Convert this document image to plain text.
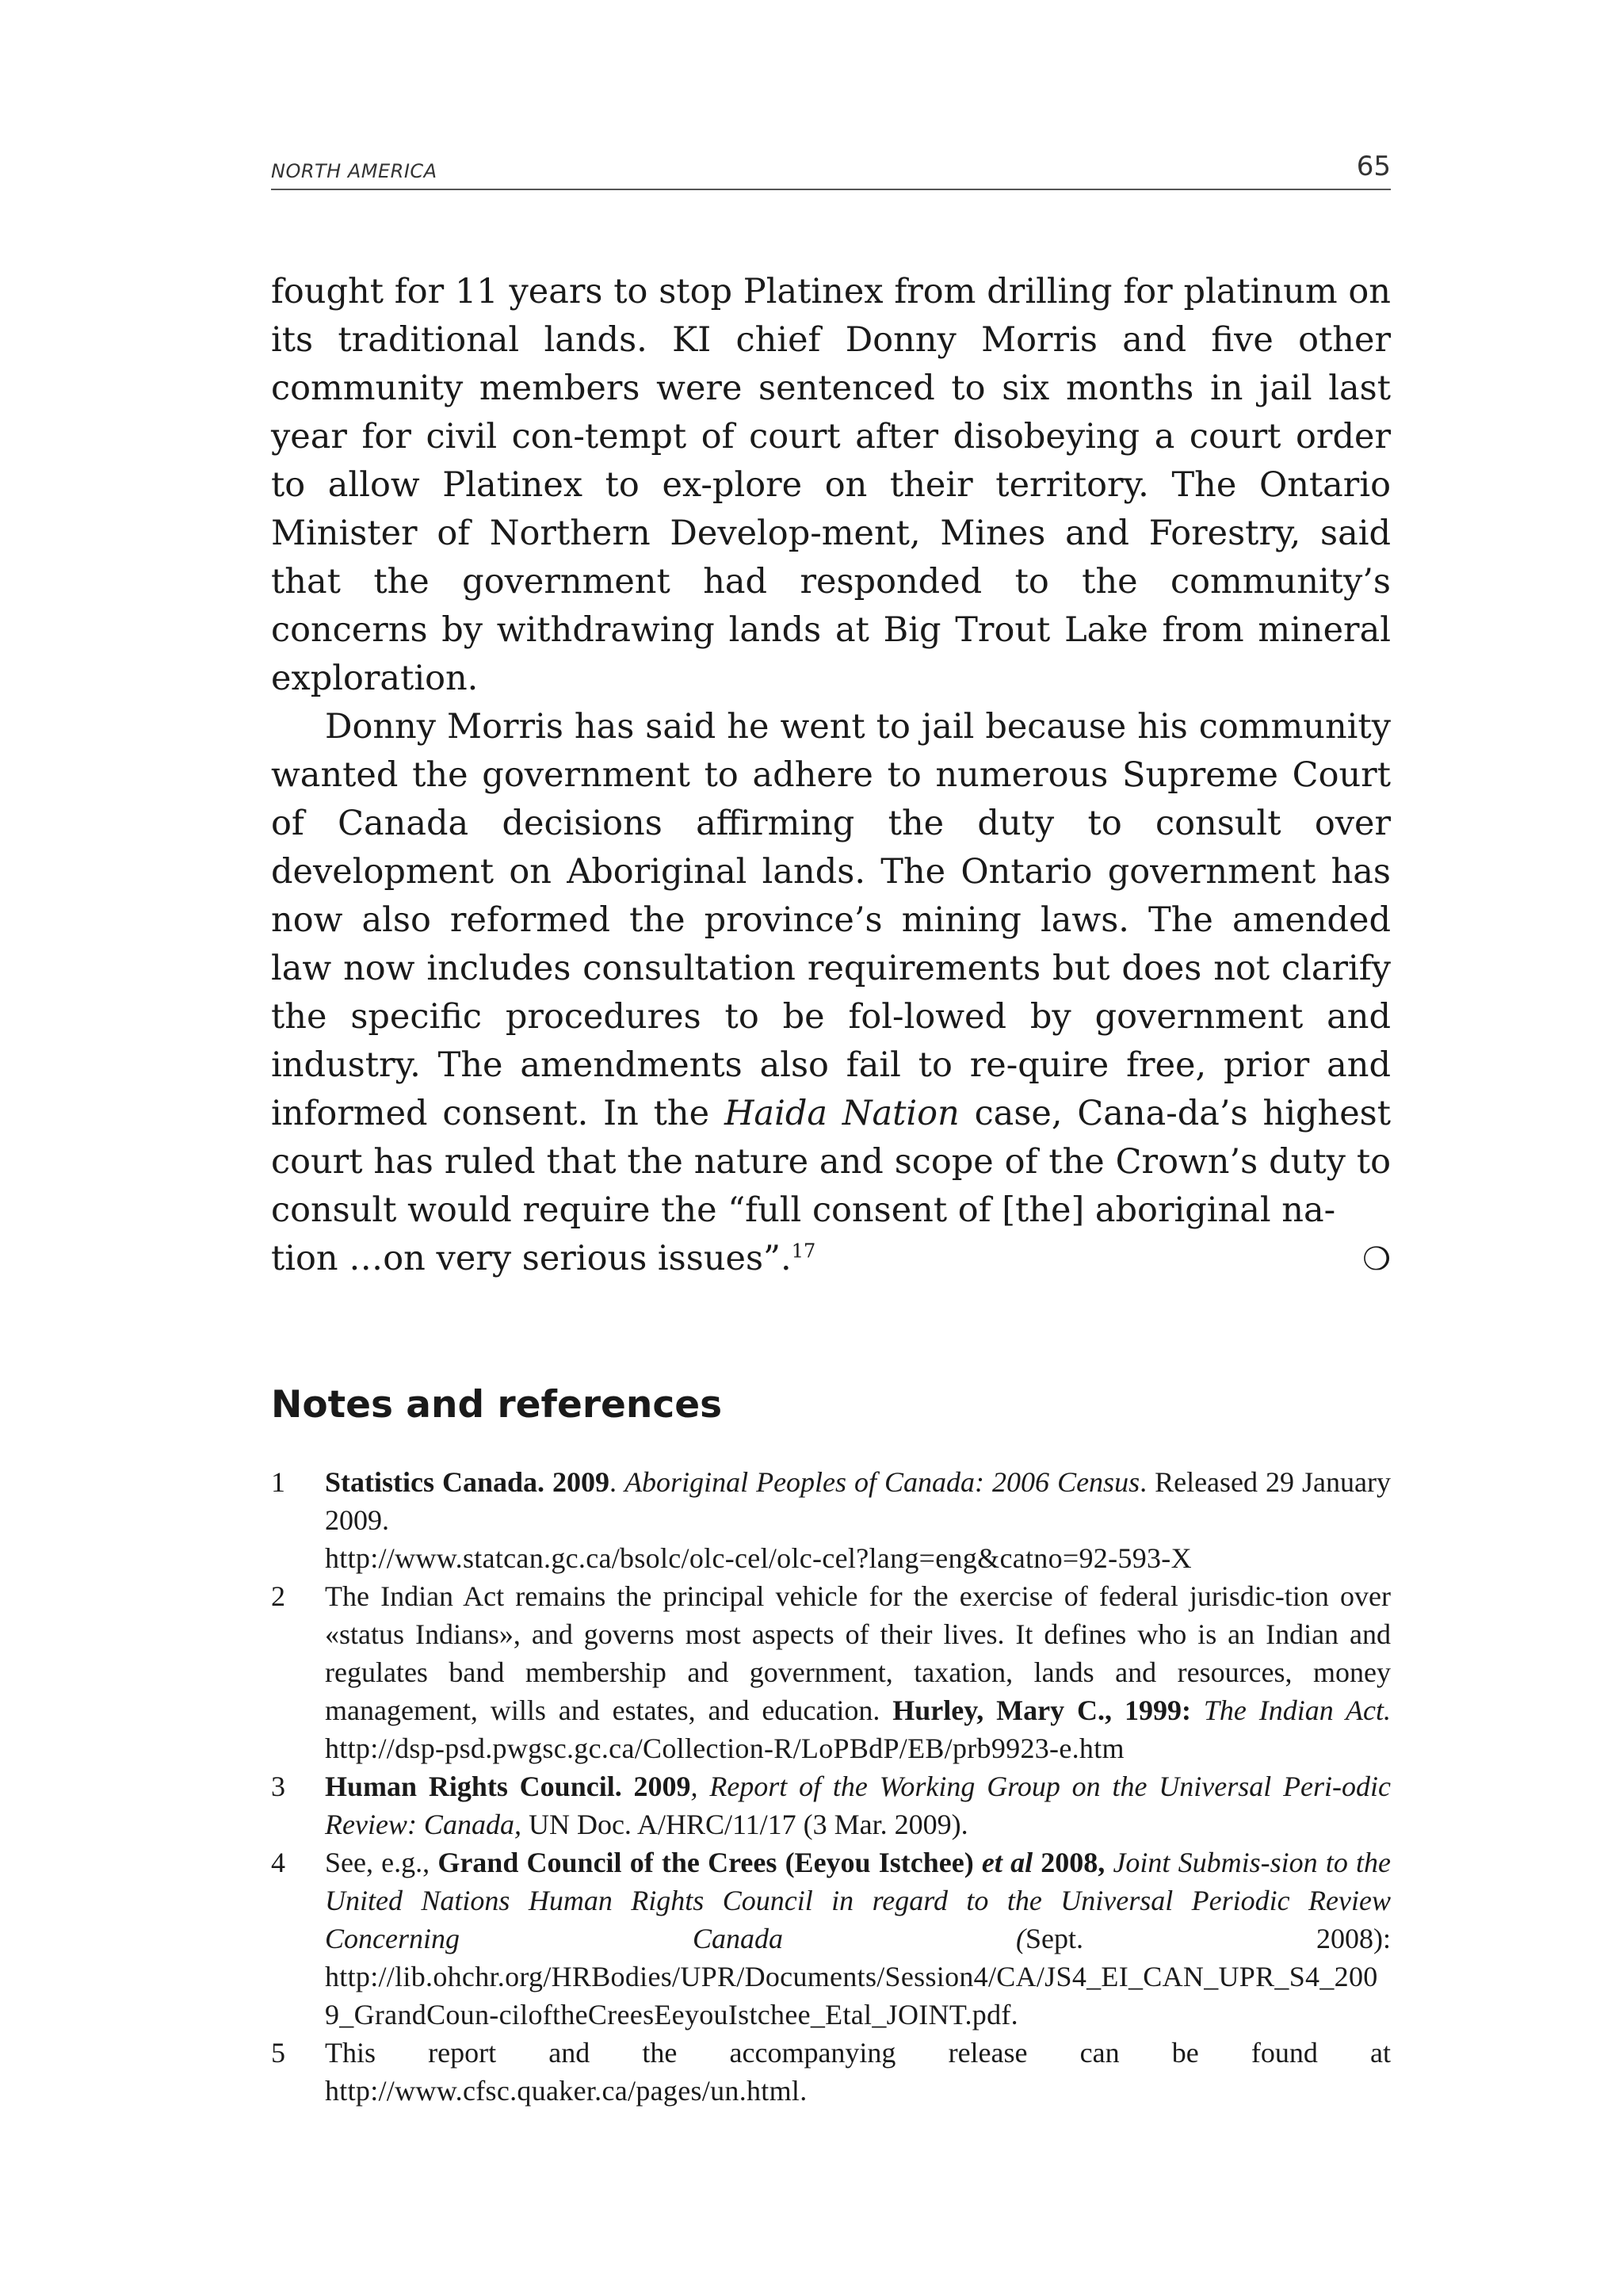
NORTH AMERICA	65

fought for 11 years to stop Platinex from drilling for platinum on its traditional lands. KI chief Donny Morris and five other community members were sentenced to six months in jail last year for civil con-tempt of court after disobeying a court order to allow Platinex to ex-plore on their territory. The Ontario Minister of Northern Develop-ment, Mines and Forestry, said that the government had responded to the community’s concerns by withdrawing lands at Big Trout Lake from mineral exploration.

Donny Morris has said he went to jail because his community wanted the government to adhere to numerous Supreme Court of Canada decisions affirming the duty to consult over development on Aboriginal lands. The Ontario government has now also reformed the province’s mining laws. The amended law now includes consultation requirements but does not clarify the specific procedures to be fol-lowed by government and industry. The amendments also fail to re-quire free, prior and informed consent. In the Haida Nation case, Cana-da’s highest court has ruled that the nature and scope of the Crown’s duty to consult would require the “full consent of [the] aboriginal na-

tion …on very serious issues”.$^{17}$	❍
Notes and references
1	Statistics Canada. 2009. Aboriginal Peoples of Canada: 2006 Census. Released 29 January 2009.
http://www.statcan.gc.ca/bsolc/olc-cel/olc-cel?lang=eng&catno=92-593-X
2	The Indian Act remains the principal vehicle for the exercise of federal jurisdic-tion over «status Indians», and governs most aspects of their lives. It defines who is an Indian and regulates band membership and government, taxation, lands and resources, money management, wills and estates, and education. Hurley, Mary C., 1999: The Indian Act. http://dsp-psd.pwgsc.gc.ca/Collection-R/LoPBdP/EB/prb9923-e.htm
3	Human Rights Council. 2009, Report of the Working Group on the Universal Peri-odic Review: Canada, UN Doc. A/HRC/11/17 (3 Mar. 2009).
4	See, e.g., Grand Council of the Crees (Eeyou Istchee) et al 2008, Joint Submis-sion to the United Nations Human Rights Council in regard to the Universal Periodic Review Concerning Canada (Sept. 2008): http://lib.ohchr.org/HRBodies/UPR/Documents/Session4/CA/JS4_EI_CAN_UPR_S4_2009_GrandCoun-ciloftheCreesEeyouIstchee_Etal_JOINT.pdf.
5	This report and the accompanying release can be found at http://www.cfsc.quaker.ca/pages/un.html.
